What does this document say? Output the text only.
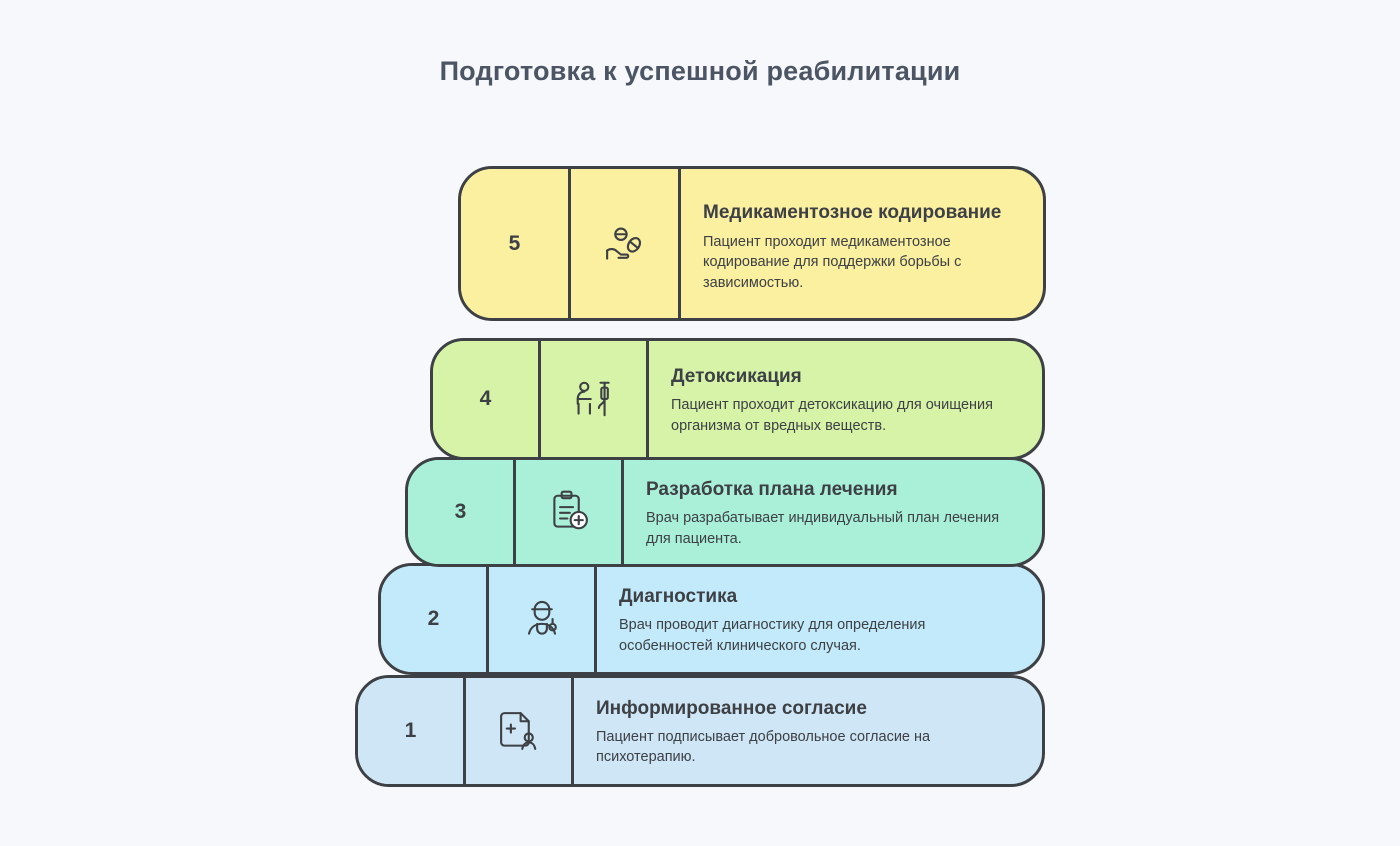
Подготовка к успешной реабилитации
5
Медикаментозное кодирование
Пациент проходит медикаментозное кодирование для поддержки борьбы с зависимостью.
4
Детоксикация
Пациент проходит детоксикацию для очищения организма от вредных веществ.
3
Разработка плана лечения
Врач разрабатывает индивидуальный план лечения для пациента.
2
Диагностика
Врач проводит диагностику для определения особенностей клинического случая.
1
Информированное согласие
Пациент подписывает добровольное согласие на психотерапию.
